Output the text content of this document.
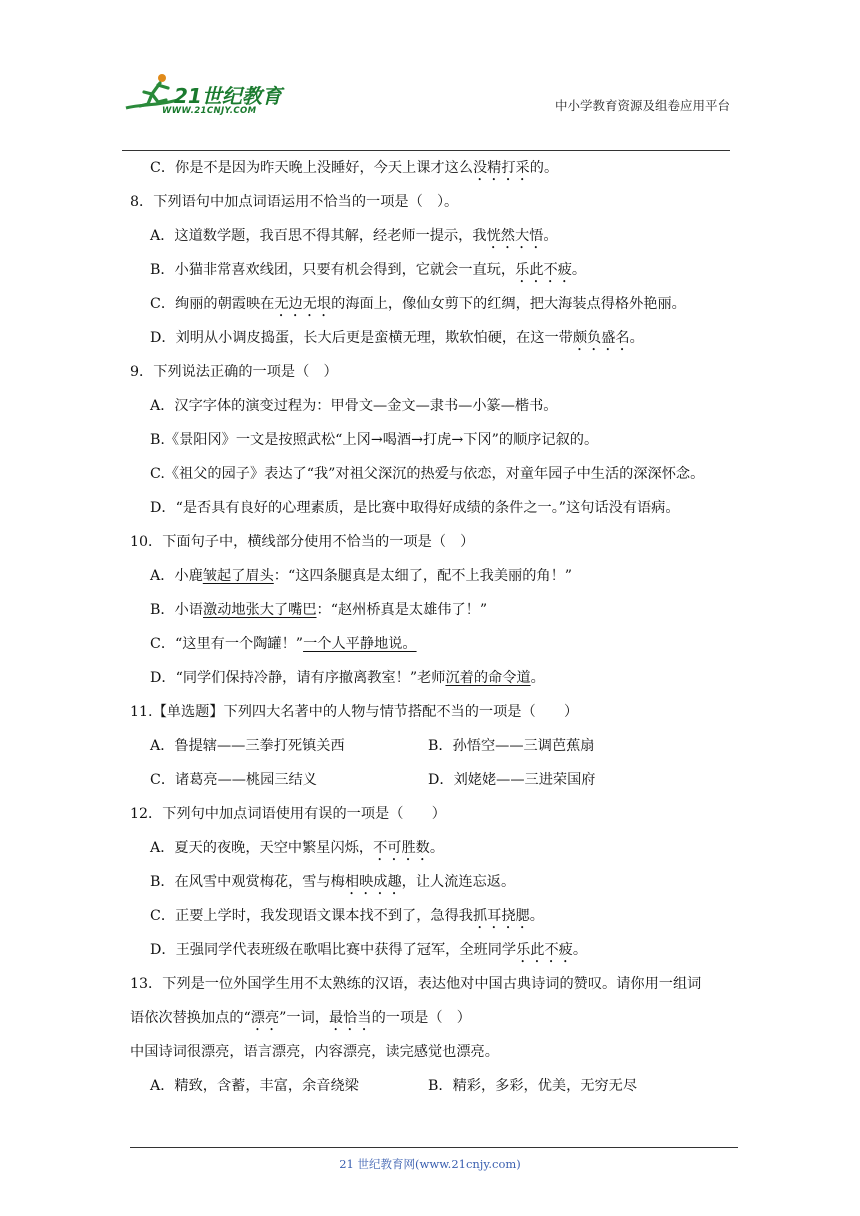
21世纪教育
WWW.21CNJY.COM	中小学教育资源及组卷应用平台
C．你是不是因为昨天晚上没睡好，今天上课才这么没精打采的。
8．下列语句中加点词语运用不恰当的一项是（　）。
A．这道数学题，我百思不得其解，经老师一提示，我恍然大悟。
B．小猫非常喜欢线团，只要有机会得到，它就会一直玩，乐此不疲。
C．绚丽的朝霞映在无边无垠的海面上，像仙女剪下的红绸，把大海装点得格外艳丽。
D．刘明从小调皮捣蛋，长大后更是蛮横无理，欺软怕硬，在这一带颇负盛名。
9．下列说法正确的一项是（　）
A．汉字字体的演变过程为：甲骨文—金文—隶书—小篆—楷书。
B.《景阳冈》一文是按照武松“上冈→喝酒→打虎→下冈”的顺序记叙的。
C.《祖父的园子》表达了“我”对祖父深沉的热爱与依恋，对童年园子中生活的深深怀念。
D．“是否具有良好的心理素质，是比赛中取得好成绩的条件之一。”这句话没有语病。
10．下面句子中，横线部分使用不恰当的一项是（　）
A．小鹿皱起了眉头：“这四条腿真是太细了，配不上我美丽的角！”
B．小语激动地张大了嘴巴：“赵州桥真是太雄伟了！”
C．“这里有一个陶罐！”一个人平静地说。
D．“同学们保持冷静，请有序撤离教室！”老师沉着的命令道。
11.【单选题】下列四大名著中的人物与情节搭配不当的一项是（　　）
A．鲁提辖——三拳打死镇关西	B．孙悟空——三调芭蕉扇
C．诸葛亮——桃园三结义	D．刘姥姥——三进荣国府
12．下列句中加点词语使用有误的一项是（　　）
A．夏天的夜晚，天空中繁星闪烁，不可胜数。
B．在风雪中观赏梅花，雪与梅相映成趣，让人流连忘返。
C．正要上学时，我发现语文课本找不到了，急得我抓耳挠腮。
D．王强同学代表班级在歌唱比赛中获得了冠军，全班同学乐此不疲。
13．下列是一位外国学生用不太熟练的汉语，表达他对中国古典诗词的赞叹。请你用一组词
语依次替换加点的“漂亮”一词，最恰当的一项是（　）
中国诗词很漂亮，语言漂亮，内容漂亮，读完感觉也漂亮。
A．精致，含蓄，丰富，余音绕梁	B．精彩，多彩，优美，无穷无尽
21 世纪教育网(www.21cnjy.com)
